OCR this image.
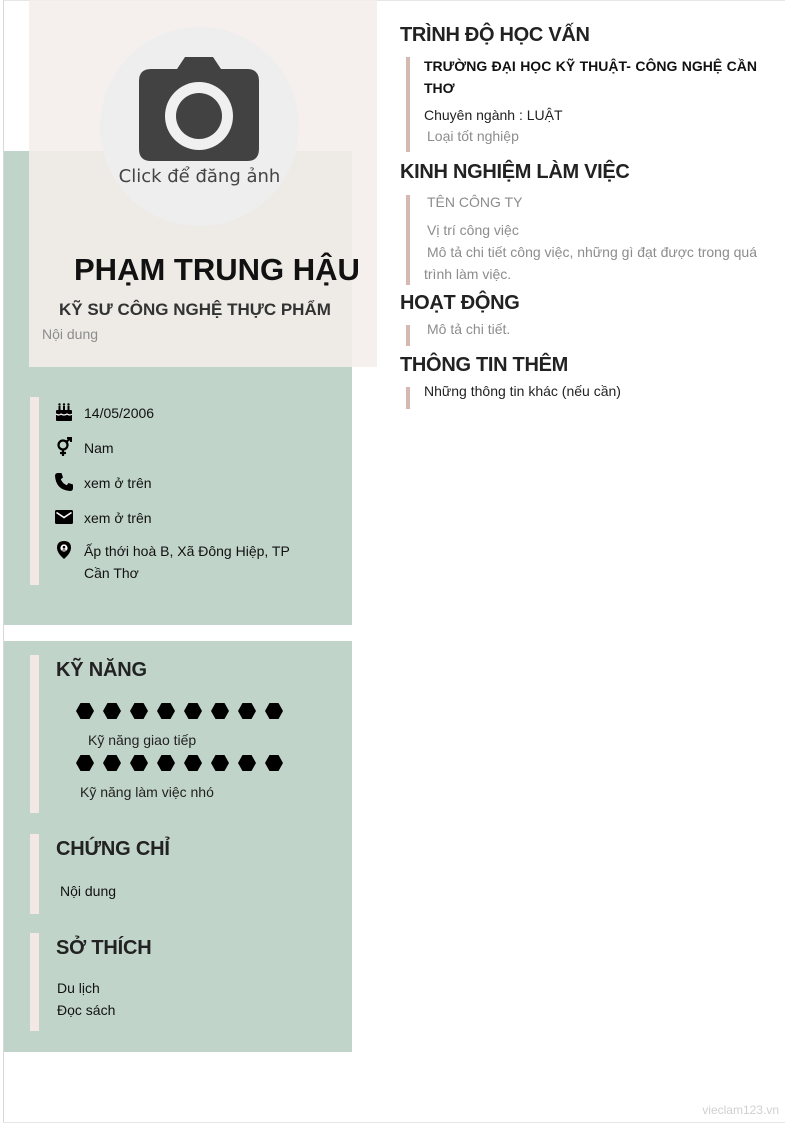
Click để đăng ảnh
PHẠM TRUNG HẬU
KỸ SƯ CÔNG NGHỆ THỰC PHẨM
Nội dung
14/05/2006
Nam
xem ở trên
xem ở trên
Ấp thới hoà B, Xã Đông Hiệp, TP Cần Thơ
KỸ NĂNG
Kỹ năng giao tiếp
Kỹ năng làm việc nhó
CHỨNG CHỈ
Nội dung
SỞ THÍCH
Du lịch
Đọc sách
TRÌNH ĐỘ HỌC VẤN
TRƯỜNG ĐẠI HỌC KỸ THUẬT- CÔNG NGHỆ CẦN THƠ
Chuyên ngành : LUẬT
Loại tốt nghiệp
KINH NGHIỆM LÀM VIỆC
TÊN CÔNG TY
Vị trí công việc
Mô tả chi tiết công việc, những gì đạt được trong quá trình làm việc.
HOẠT ĐỘNG
Mô tả chi tiết.
THÔNG TIN THÊM
Những thông tin khác (nếu cần)
vieclam123.vn
